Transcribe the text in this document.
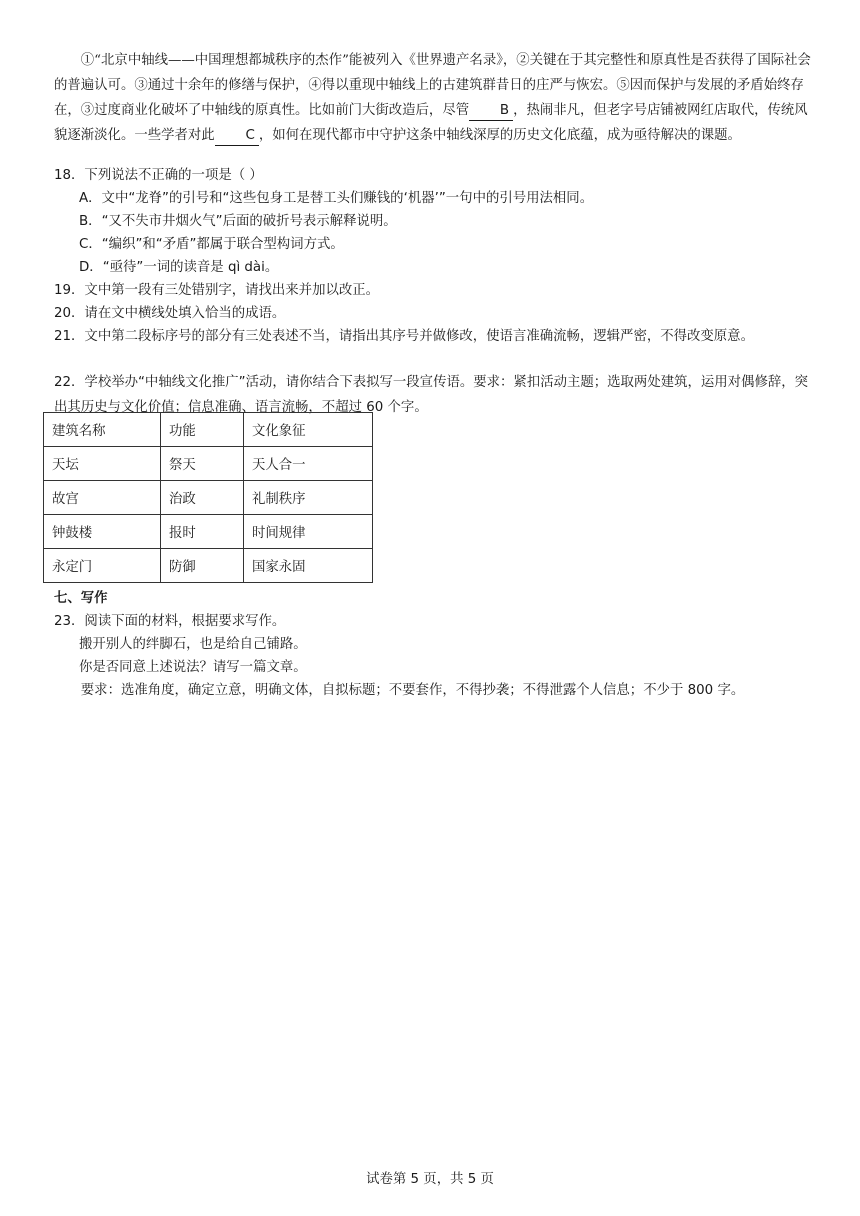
①“北京中轴线——中国理想都城秩序的杰作”能被列入《世界遗产名录》，②关键在于其完整性和原真性是否获得了国际社会的普遍认可。③通过十余年的修缮与保护，④得以重现中轴线上的古建筑群昔日的庄严与恢宏。⑤因而保护与发展的矛盾始终存在，③过度商业化破坏了中轴线的原真性。比如前门大街改造后，尽管 B ，热闹非凡，但老字号店铺被网红店取代，传统风貌逐渐淡化。一些学者对此 C ，如何在现代都市中守护这条中轴线深厚的历史文化底蕴，成为亟待解决的课题。

18．下列说法不正确的一项是（ ）

A．文中“龙脊”的引号和“这些包身工是替工头们赚钱的‘机器’”一句中的引号用法相同。

B．“又不失市井烟火气”后面的破折号表示解释说明。

C．“编织”和“矛盾”都属于联合型构词方式。

D．“亟待”一词的读音是 qì dài。

19．文中第一段有三处错别字，请找出来并加以改正。

20．请在文中横线处填入恰当的成语。

21．文中第二段标序号的部分有三处表述不当，请指出其序号并做修改，使语言准确流畅，逻辑严密，不得改变原意。

22．学校举办“中轴线文化推广”活动，请你结合下表拟写一段宣传语。要求：紧扣活动主题；选取两处建筑，运用对偶修辞，突出其历史与文化价值；信息准确、语言流畅，不超过 60 个字。

建筑名称	功能	文化象征
天坛	祭天	天人合一
故宫	治政	礼制秩序
钟鼓楼	报时	时间规律
永定门	防御	国家永固

七、写作

23．阅读下面的材料，根据要求写作。

搬开别人的绊脚石，也是给自己铺路。

你是否同意上述说法？请写一篇文章。

要求：选准角度，确定立意，明确文体，自拟标题；不要套作，不得抄袭；不得泄露个人信息；不少于 800 字。

试卷第 5 页，共 5 页
